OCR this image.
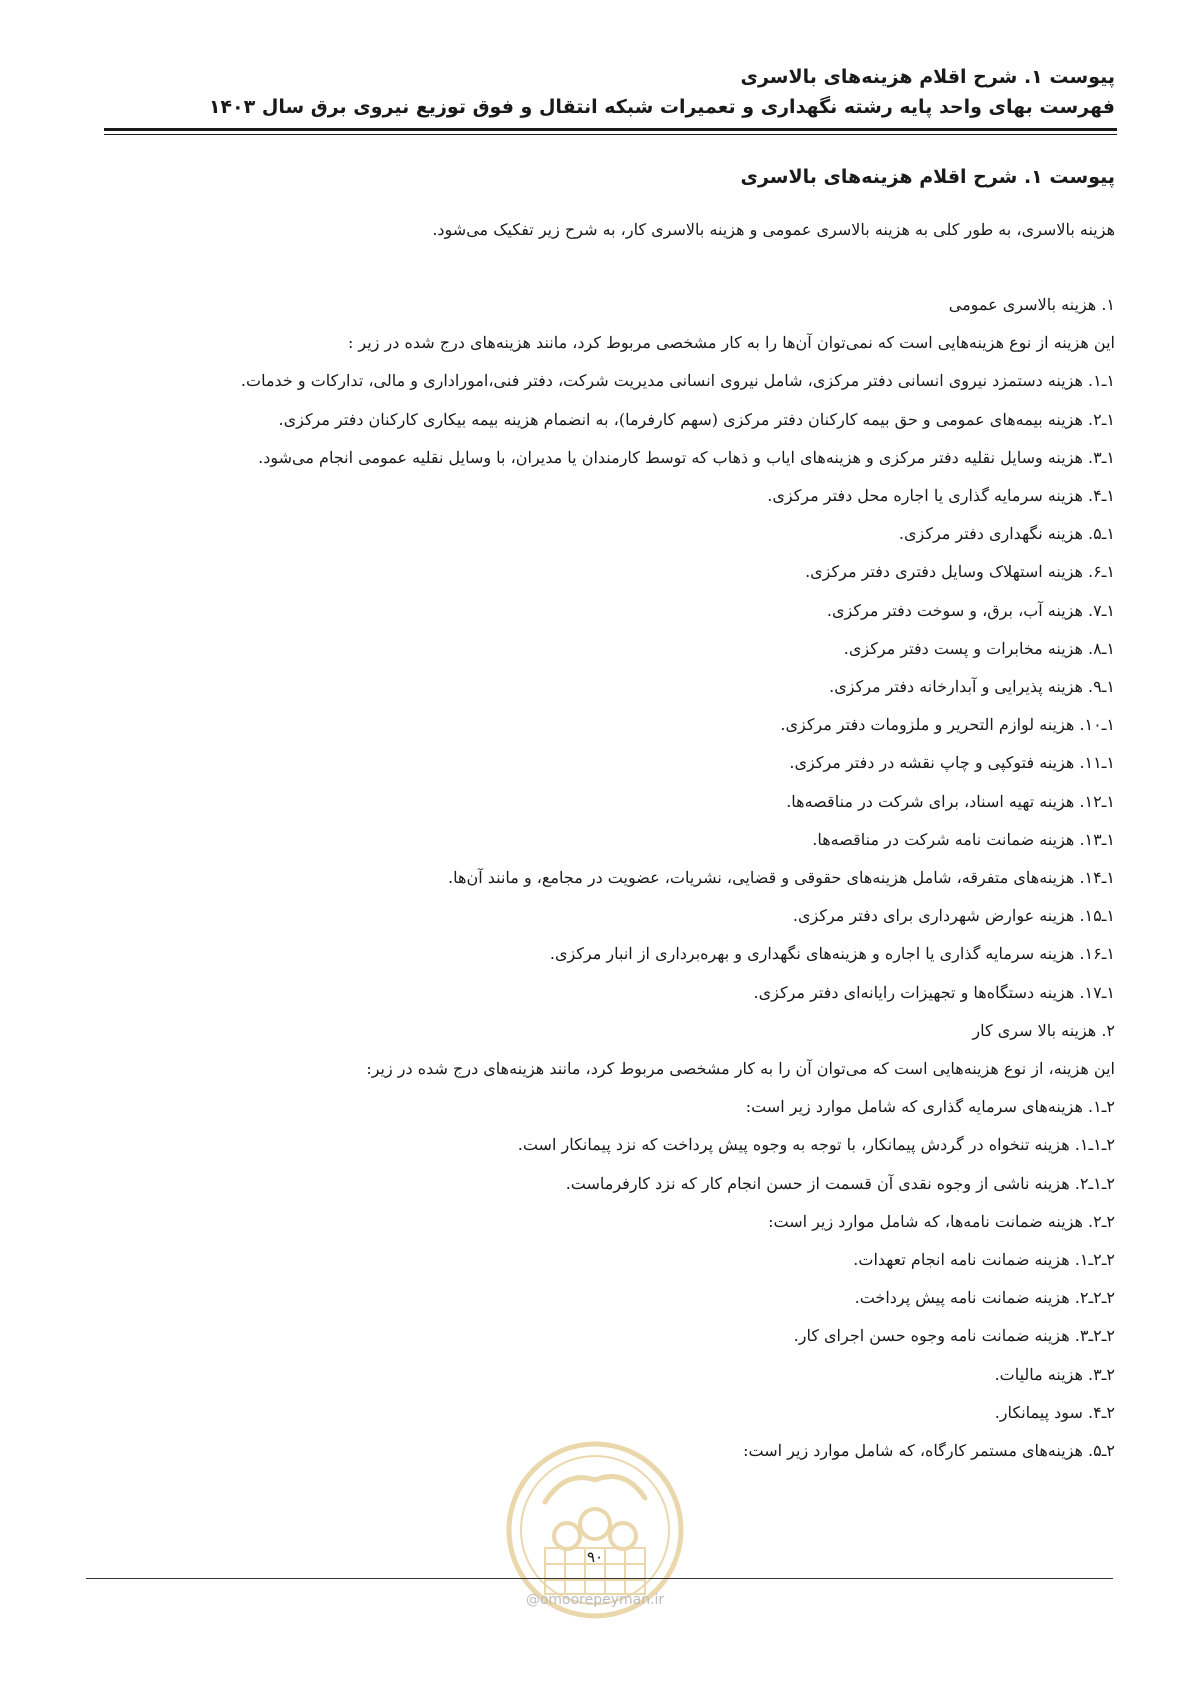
پیوست ۱. شرح اقلام هزینه‌های بالاسری

فهرست بهای واحد پایه رشته نگهداری و تعمیرات شبکه انتقال و فوق توزیع نیروی برق سال ۱۴۰۳

پیوست ۱. شرح اقلام هزینه‌های بالاسری

هزینه بالاسری، به طور کلی به هزینه بالاسری عمومی و هزینه بالاسری کار، به شرح زیر تفکیک می‌شود.

۱. هزینه بالاسری عمومی
این هزینه از نوع هزینه‌هایی است که نمی‌توان آن‌ها را به کار مشخصی مربوط کرد، مانند هزینه‌های درج شده در زیر :
۱ـ۱. هزینه دستمزد نیروی انسانی دفتر مرکزی، شامل نیروی انسانی مدیریت شرکت، دفتر فنی،اموراداری و مالی، تدارکات و خدمات.
۱ـ۲. هزینه بیمه‌های عمومی و حق بیمه کارکنان دفتر مرکزی (سهم کارفرما)، به انضمام هزینه بیمه بیکاری کارکنان دفتر مرکزی.
۱ـ۳. هزینه وسایل نقلیه دفتر مرکزی و هزینه‌های ایاب و ذهاب که توسط کارمندان یا مدیران، با وسایل نقلیه عمومی انجام می‌شود.
۱ـ۴. هزینه سرمایه گذاری یا اجاره محل دفتر مرکزی.
۱ـ۵. هزینه نگهداری دفتر مرکزی.
۱ـ۶. هزینه استهلاک وسایل دفتری دفتر مرکزی.
۱ـ۷. هزینه آب، برق، و سوخت دفتر مرکزی.
۱ـ۸. هزینه مخابرات و پست دفتر مرکزی.
۱ـ۹. هزینه پذیرایی و آبدارخانه دفتر مرکزی.
۱ـ۱۰. هزینه لوازم التحریر و ملزومات دفتر مرکزی.
۱ـ۱۱. هزینه فتوکپی و چاپ نقشه در دفتر مرکزی.
۱ـ۱۲. هزینه تهیه اسناد، برای شرکت در مناقصه‌ها.
۱ـ۱۳. هزینه ضمانت نامه شرکت در مناقصه‌ها.
۱ـ۱۴. هزینه‌های متفرقه، شامل هزینه‌های حقوقی و قضایی، نشریات، عضویت در مجامع، و مانند آن‌ها.
۱ـ۱۵. هزینه عوارض شهرداری برای دفتر مرکزی.
۱ـ۱۶. هزینه سرمایه گذاری یا اجاره و هزینه‌های نگهداری و بهره‌برداری از انبار مرکزی.
۱ـ۱۷. هزینه دستگاه‌ها و تجهیزات رایانه‌ای دفتر مرکزی.
۲. هزینه بالا سری کار
این هزینه، از نوع هزینه‌هایی است که می‌توان آن را به کار مشخصی مربوط کرد، مانند هزینه‌های درج شده در زیر:
۲ـ۱. هزینه‌های سرمایه گذاری که شامل موارد زیر است:
۲ـ۱ـ۱. هزینه تنخواه در گردش پیمانکار، با توجه به وجوه پیش پرداخت که نزد پیمانکار است.
۲ـ۱ـ۲. هزینه ناشی از وجوه نقدی آن قسمت از حسن انجام کار که نزد کارفرماست.
۲ـ۲. هزینه ضمانت نامه‌ها، که شامل موارد زیر است:
۲ـ۲ـ۱. هزینه ضمانت نامه انجام تعهدات.
۲ـ۲ـ۲. هزینه ضمانت نامه پیش پرداخت.
۲ـ۲ـ۳. هزینه ضمانت نامه وجوه حسن اجرای کار.
۲ـ۳. هزینه مالیات.
۲ـ۴. سود پیمانکار.
۲ـ۵. هزینه‌های مستمر کارگاه، که شامل موارد زیر است:
۹۰
@omoorepeyman.ir
